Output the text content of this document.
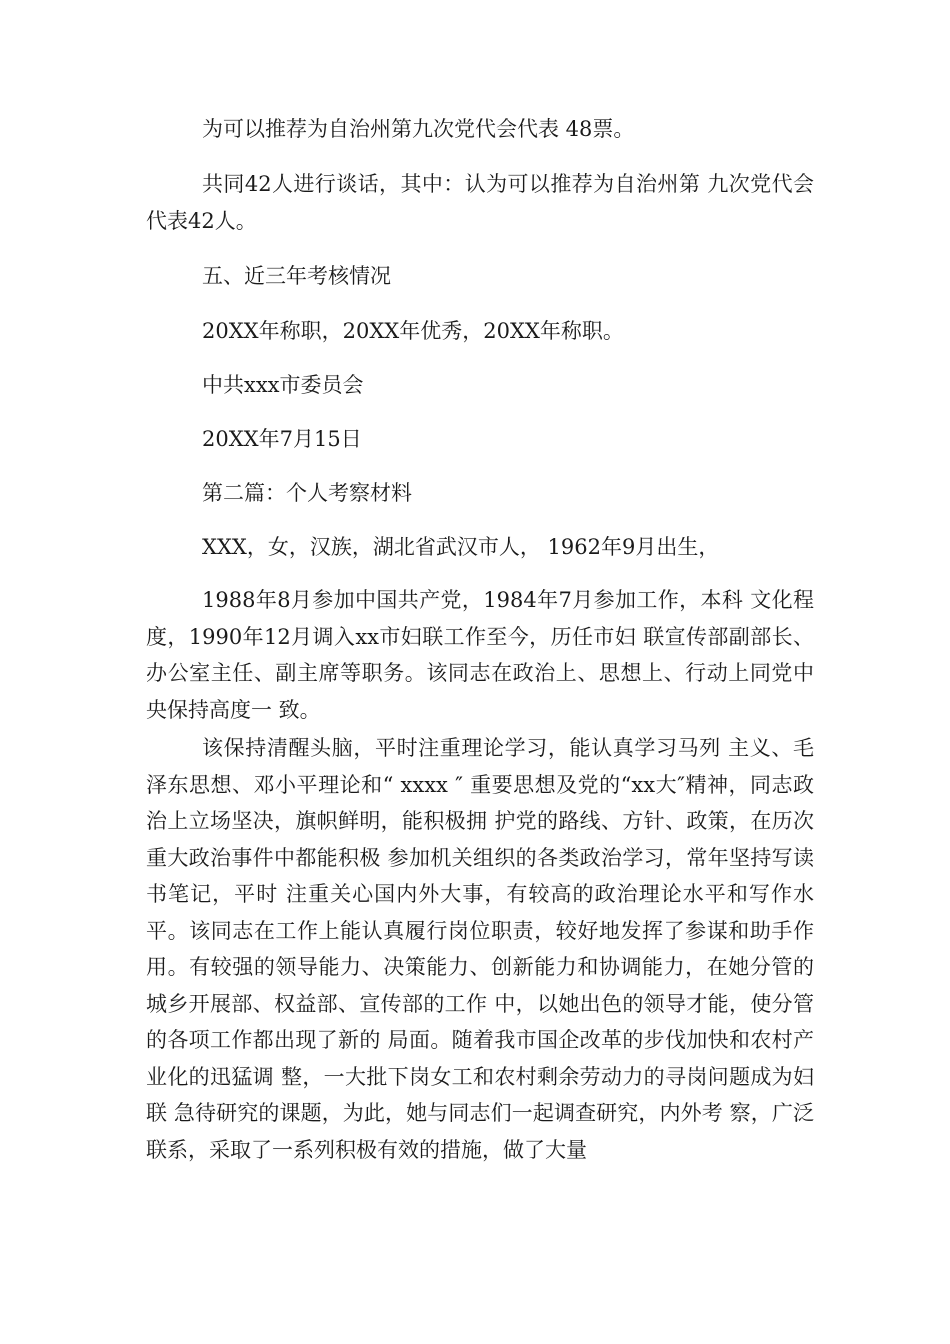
为可以推荐为自治州第九次党代会代表 48票。

共同42人进行谈话，其中：认为可以推荐为自治州第 九次党代会代表42人。

五、近三年考核情况

20XX年称职，20XX年优秀，20XX年称职。

中共xxx市委员会

20XX年7月15日

第二篇：个人考察材料

XXX，女，汉族，湖北省武汉市人， 1962年9月出生，

1988年8月参加中国共产党，1984年7月参加工作，本科 文化程度，1990年12月调入xx市妇联工作至今，历任市妇 联宣传部副部长、办公室主任、副主席等职务。该同志在政治上、思想上、行动上同党中央保持高度一 致。

该保持清醒头脑，平时注重理论学习，能认真学习马列 主义、毛泽东思想、邓小平理论和“ xxxx ″ 重要思想及党的“xx大″精神，同志政治上立场坚决，旗帜鲜明，能积极拥 护党的路线、方针、政策，在历次重大政治事件中都能积极 参加机关组织的各类政治学习，常年坚持写读书笔记，平时 注重关心国内外大事，有较高的政治理论水平和写作水平。该同志在工作上能认真履行岗位职责，较好地发挥了参谋和助手作用。有较强的领导能力、决策能力、创新能力和协调能力，在她分管的城乡开展部、权益部、宣传部的工作 中，以她出色的领导才能，使分管的各项工作都出现了新的 局面。随着我市国企改革的步伐加快和农村产业化的迅猛调 整，一大批下岗女工和农村剩余劳动力的寻岗问题成为妇联 急待研究的课题，为此，她与同志们一起调查研究，内外考 察，广泛联系，采取了一系列积极有效的措施，做了大量
